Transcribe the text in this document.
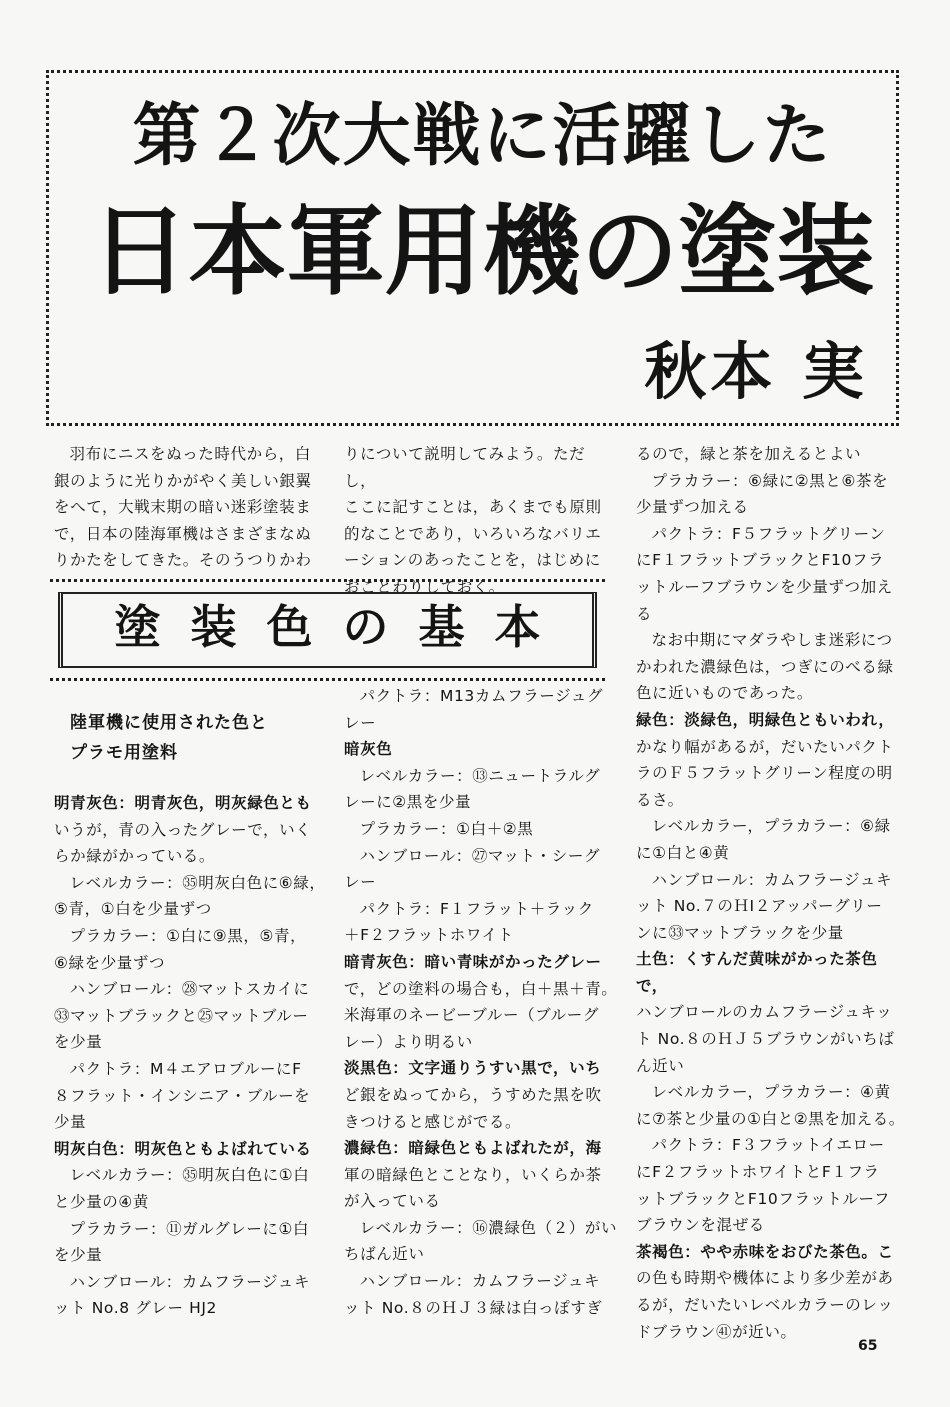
第２次大戦に活躍した
日本軍用機の塗装
秋本 実

羽布にニスをぬった時代から，白

銀のように光りかがやく美しい銀翼

をへて，大戦末期の暗い迷彩塗装ま

で，日本の陸海軍機はさまざまなぬ

りかたをしてきた。そのうつりかわ

りについて説明してみよう。ただし，

ここに記すことは，あくまでも原則

的なことであり，いろいろなバリエ

ーションのあったことを，はじめに

おことわりしておく。

塗装色の基本
陸軍機に使用された色と
プラモ用塗料

明青灰色：明青灰色，明灰緑色とも

いうが，青の入ったグレーで，いく

らか緑がかっている。

レベルカラー：㉟明灰白色に⑥緑，

⑤青，①白を少量ずつ

プラカラー：①白に⑨黒，⑤青，

⑥緑を少量ずつ

ハンブロール：㉘マットスカイに

㉝マットブラックと㉕マットブルー

を少量

パクトラ：M４エアロブルーにF

８フラット・インシニア・ブルーを

少量

明灰白色：明灰色ともよばれている

レベルカラー：㉟明灰白色に①白

と少量の④黄

プラカラー：⑪ガルグレーに①白

を少量

ハンブロール：カムフラージュキ

ット No.8 グレー HJ2

パクトラ：M13カムフラージュグ

レー

暗灰色

レベルカラー：⑬ニュートラルグ

レーに②黒を少量

プラカラー：①白＋②黒

ハンブロール：㉗マット・シーグ

レー

パクトラ：F１フラット＋ラック

＋F２フラットホワイト

暗青灰色：暗い青味がかったグレー

で，どの塗料の場合も，白＋黒＋青。

米海軍のネービーブルー（ブルーグ

レー）より明るい

淡黒色：文字通りうすい黒で，いち

ど銀をぬってから，うすめた黒を吹

きつけると感じがでる。

濃緑色：暗緑色ともよばれたが，海

軍の暗緑色とことなり，いくらか茶

が入っている

レベルカラー：⑯濃緑色（２）がい

ちばん近い

ハンブロール：カムフラージュキ

ット No.８のＨＪ３緑は白っぽすぎ

るので，緑と茶を加えるとよい

プラカラー：⑥緑に②黒と⑥茶を

少量ずつ加える

パクトラ：F５フラットグリーン

にF１フラットブラックとF10フラ

ットルーフブラウンを少量ずつ加え

る

なお中期にマダラやしま迷彩につ

かわれた濃緑色は，つぎにのべる緑

色に近いものであった。

緑色：淡緑色，明緑色ともいわれ，

かなり幅があるが，だいたいパクト

ラのＦ５フラットグリーン程度の明

るさ。

レベルカラー，プラカラー：⑥緑

に①白と④黄

ハンブロール：カムフラージュキ

ット No.７のＨI２アッパーグリー

ンに㉝マットブラックを少量

土色：くすんだ黄味がかった茶色で，

ハンブロールのカムフラージュキッ

ト No.８のＨＪ５ブラウンがいちば

ん近い

レベルカラー，プラカラー：④黄

に⑦茶と少量の①白と②黒を加える。

パクトラ：F３フラットイエロー

にF２フラットホワイトとF１フラ

ットブラックとF10フラットルーフ

ブラウンを混ぜる

茶褐色：やや赤味をおびた茶色。こ

の色も時期や機体により多少差があ

るが，だいたいレベルカラーのレッ

ドブラウン㊶が近い。

65
